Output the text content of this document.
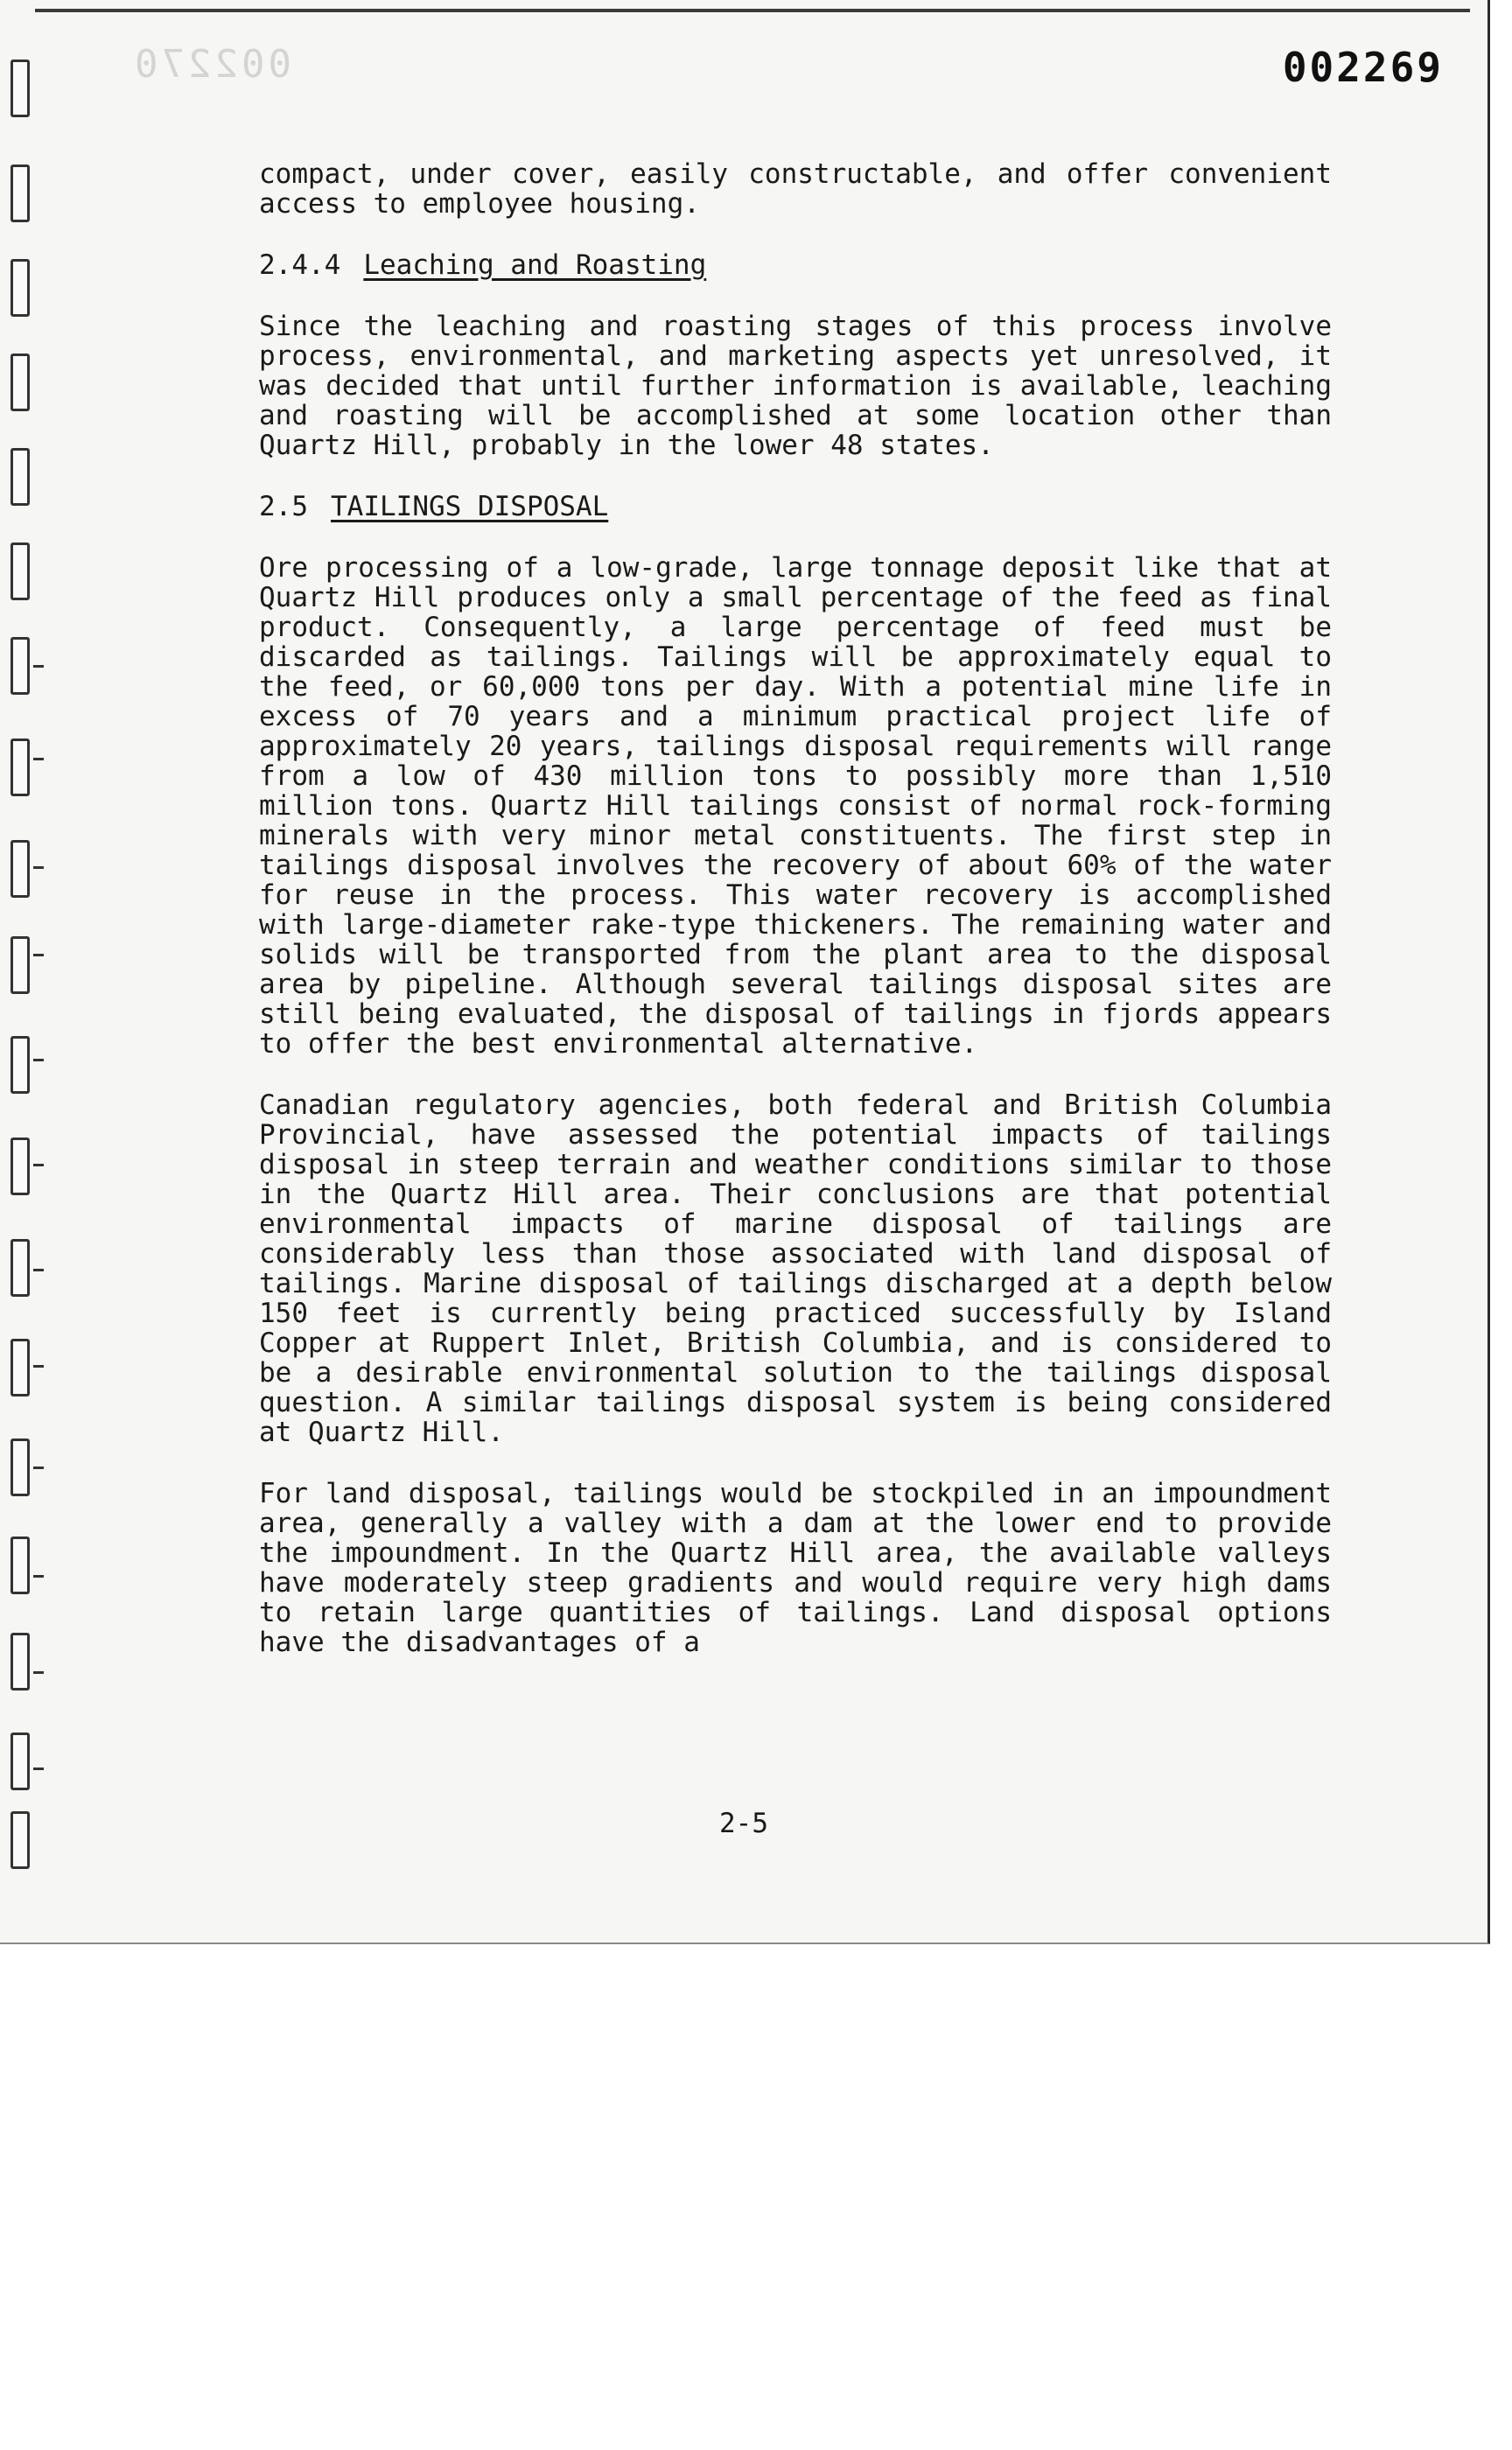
002270	002269

compact, under cover, easily constructable, and offer convenient access to employee housing.

2.4.4 Leaching and Roasting

Since the leaching and roasting stages of this process involve process, environmental, and marketing aspects yet unresolved, it was decided that until further information is available, leaching and roasting will be accomplished at some location other than Quartz Hill, probably in the lower 48 states.

2.5 TAILINGS DISPOSAL

Ore processing of a low-grade, large tonnage deposit like that at Quartz Hill produces only a small percentage of the feed as final product. Consequently, a large percentage of feed must be discarded as tailings. Tailings will be approximately equal to the feed, or 60,000 tons per day. With a potential mine life in excess of 70 years and a minimum practical project life of approximately 20 years, tailings disposal requirements will range from a low of 430 million tons to possibly more than 1,510 million tons. Quartz Hill tailings consist of normal rock-forming minerals with very minor metal constituents. The first step in tailings disposal involves the recovery of about 60% of the water for reuse in the process. This water recovery is accomplished with large-diameter rake-type thickeners. The remaining water and solids will be transported from the plant area to the disposal area by pipeline. Although several tailings disposal sites are still being evaluated, the disposal of tailings in fjords appears to offer the best environmental alternative.

Canadian regulatory agencies, both federal and British Columbia Provincial, have assessed the potential impacts of tailings disposal in steep terrain and weather conditions similar to those in the Quartz Hill area. Their conclusions are that potential environmental impacts of marine disposal of tailings are considerably less than those associated with land disposal of tailings. Marine disposal of tailings discharged at a depth below 150 feet is currently being practiced successfully by Island Copper at Ruppert Inlet, British Columbia, and is considered to be a desirable environmental solution to the tailings disposal question. A similar tailings disposal system is being considered at Quartz Hill.

For land disposal, tailings would be stockpiled in an impoundment area, generally a valley with a dam at the lower end to provide the impoundment. In the Quartz Hill area, the available valleys have moderately steep gradients and would require very high dams to retain large quantities of tailings. Land disposal options have the disadvantages of a

2-5
